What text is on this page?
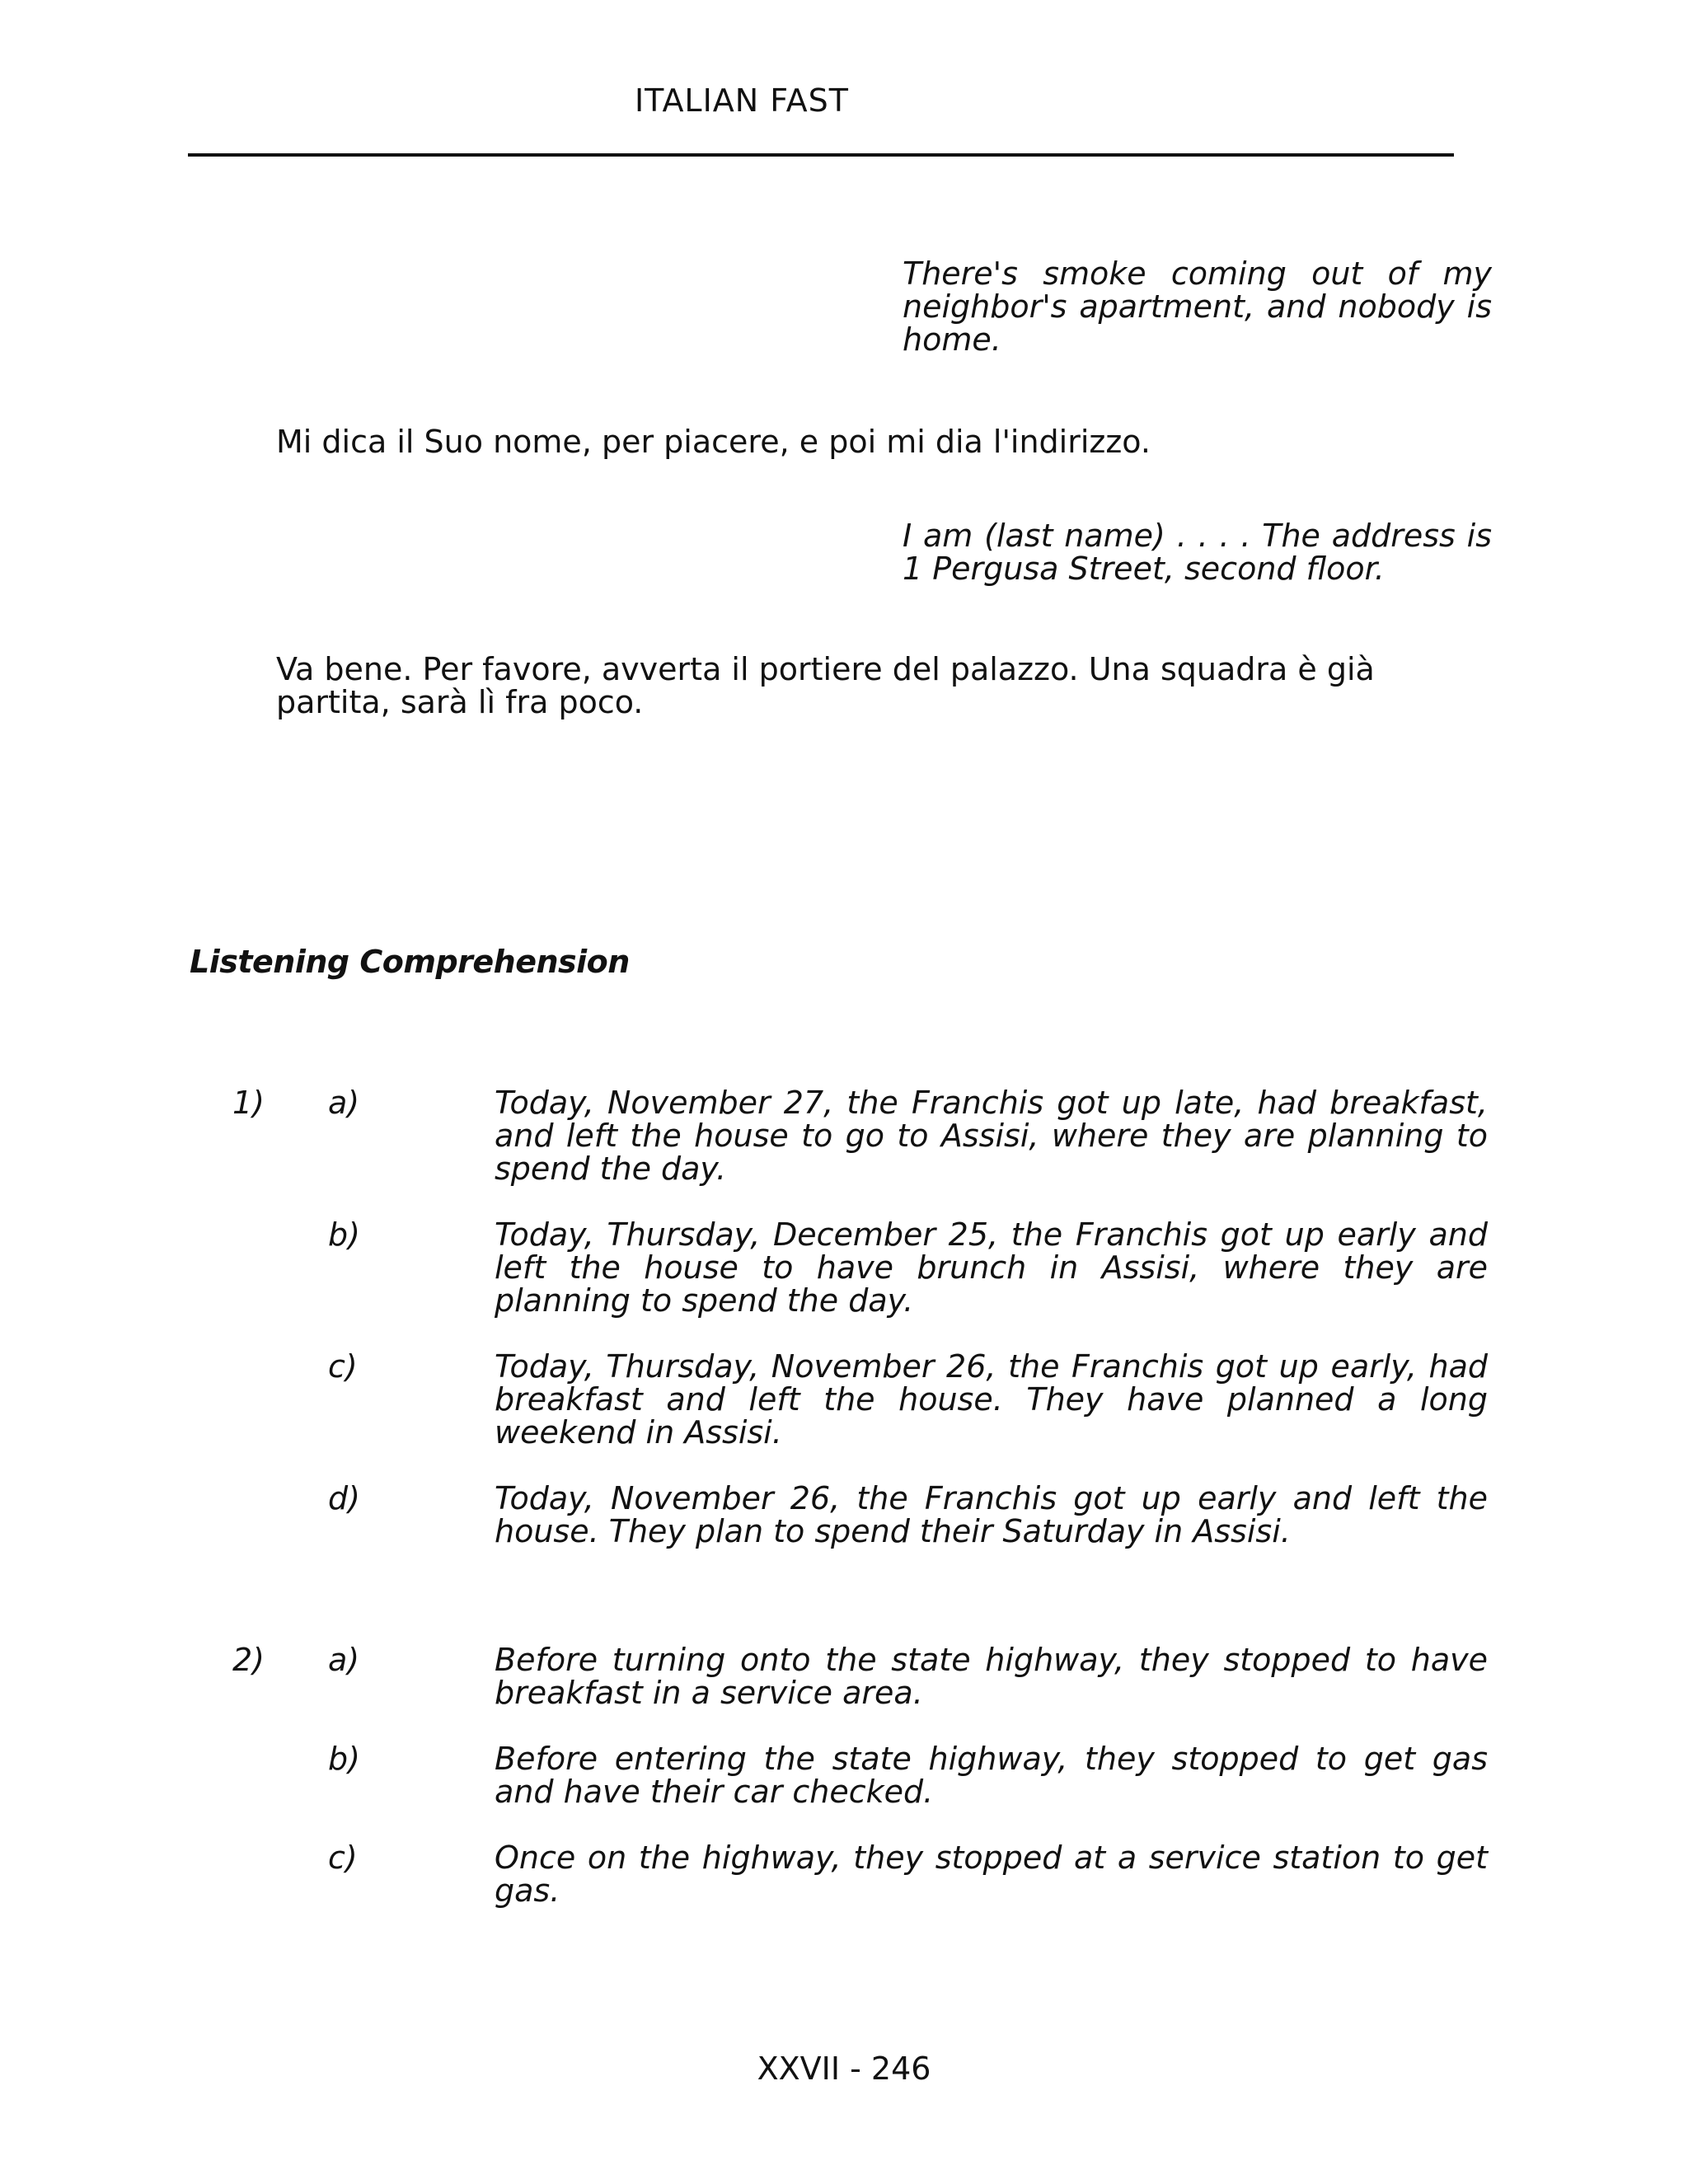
ITALIAN FAST
There's smoke coming out of my neighbor's apartment, and nobody is home.
Mi dica il Suo nome, per piacere, e poi mi dia l'indirizzo.
I am (last name) . . . . The address is 1 Pergusa Street, second floor.
Va bene. Per favore, avverta il portiere del palazzo. Una squadra è già partita, sarà lì fra poco.
Listening Comprehension
1) a)	Today, November 27, the Franchis got up late, had breakfast, and left the house to go to Assisi, where they are planning to spend the day.
b)	Today, Thursday, December 25, the Franchis got up early and left the house to have brunch in Assisi, where they are planning to spend the day.
c)	Today, Thursday, November 26, the Franchis got up early, had breakfast and left the house. They have planned a long weekend in Assisi.
d)	Today, November 26, the Franchis got up early and left the house. They plan to spend their Saturday in Assisi.
2) a)	Before turning onto the state highway, they stopped to have breakfast in a service area.
b)	Before entering the state highway, they stopped to get gas and have their car checked.
c)	Once on the highway, they stopped at a service station to get gas.
XXVII - 246
